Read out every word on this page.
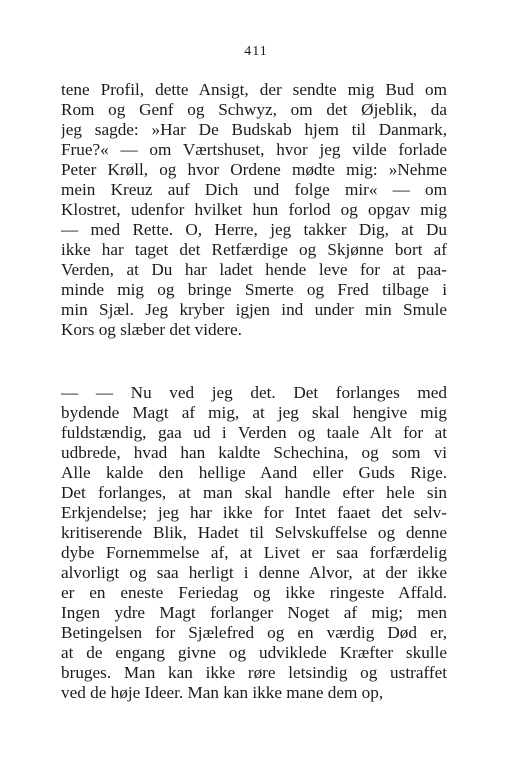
411
tene Profil, dette Ansigt, der sendte mig Bud om
Rom og Genf og Schwyz, om det Øjeblik, da
jeg sagde: »Har De Budskab hjem til Danmark,
Frue?« — om Værtshuset, hvor jeg vilde forlade
Peter Krøll, og hvor Ordene mødte mig: »Nehme
mein Kreuz auf Dich und folge mir« — om
Klostret, udenfor hvilket hun forlod og opgav mig
— med Rette. O, Herre, jeg takker Dig, at Du
ikke har taget det Retfærdige og Skjønne bort af
Verden, at Du har ladet hende leve for at paa-
minde mig og bringe Smerte og Fred tilbage i
min Sjæl. Jeg kryber igjen ind under min Smule
Kors og slæber det videre.
— — Nu ved jeg det. Det forlanges med
bydende Magt af mig, at jeg skal hengive mig
fuldstændig, gaa ud i Verden og taale Alt for at
udbrede, hvad han kaldte Schechina, og som vi
Alle kalde den hellige Aand eller Guds Rige.
Det forlanges, at man skal handle efter hele sin
Erkjendelse; jeg har ikke for Intet faaet det selv-
kritiserende Blik, Hadet til Selvskuffelse og denne
dybe Fornemmelse af, at Livet er saa forfærdelig
alvorligt og saa herligt i denne Alvor, at der ikke
er en eneste Feriedag og ikke ringeste Affald.
Ingen ydre Magt forlanger Noget af mig; men
Betingelsen for Sjælefred og en værdig Død er,
at de engang givne og udviklede Kræfter skulle
bruges. Man kan ikke røre letsindig og ustraffet
ved de høje Ideer. Man kan ikke mane dem op,
